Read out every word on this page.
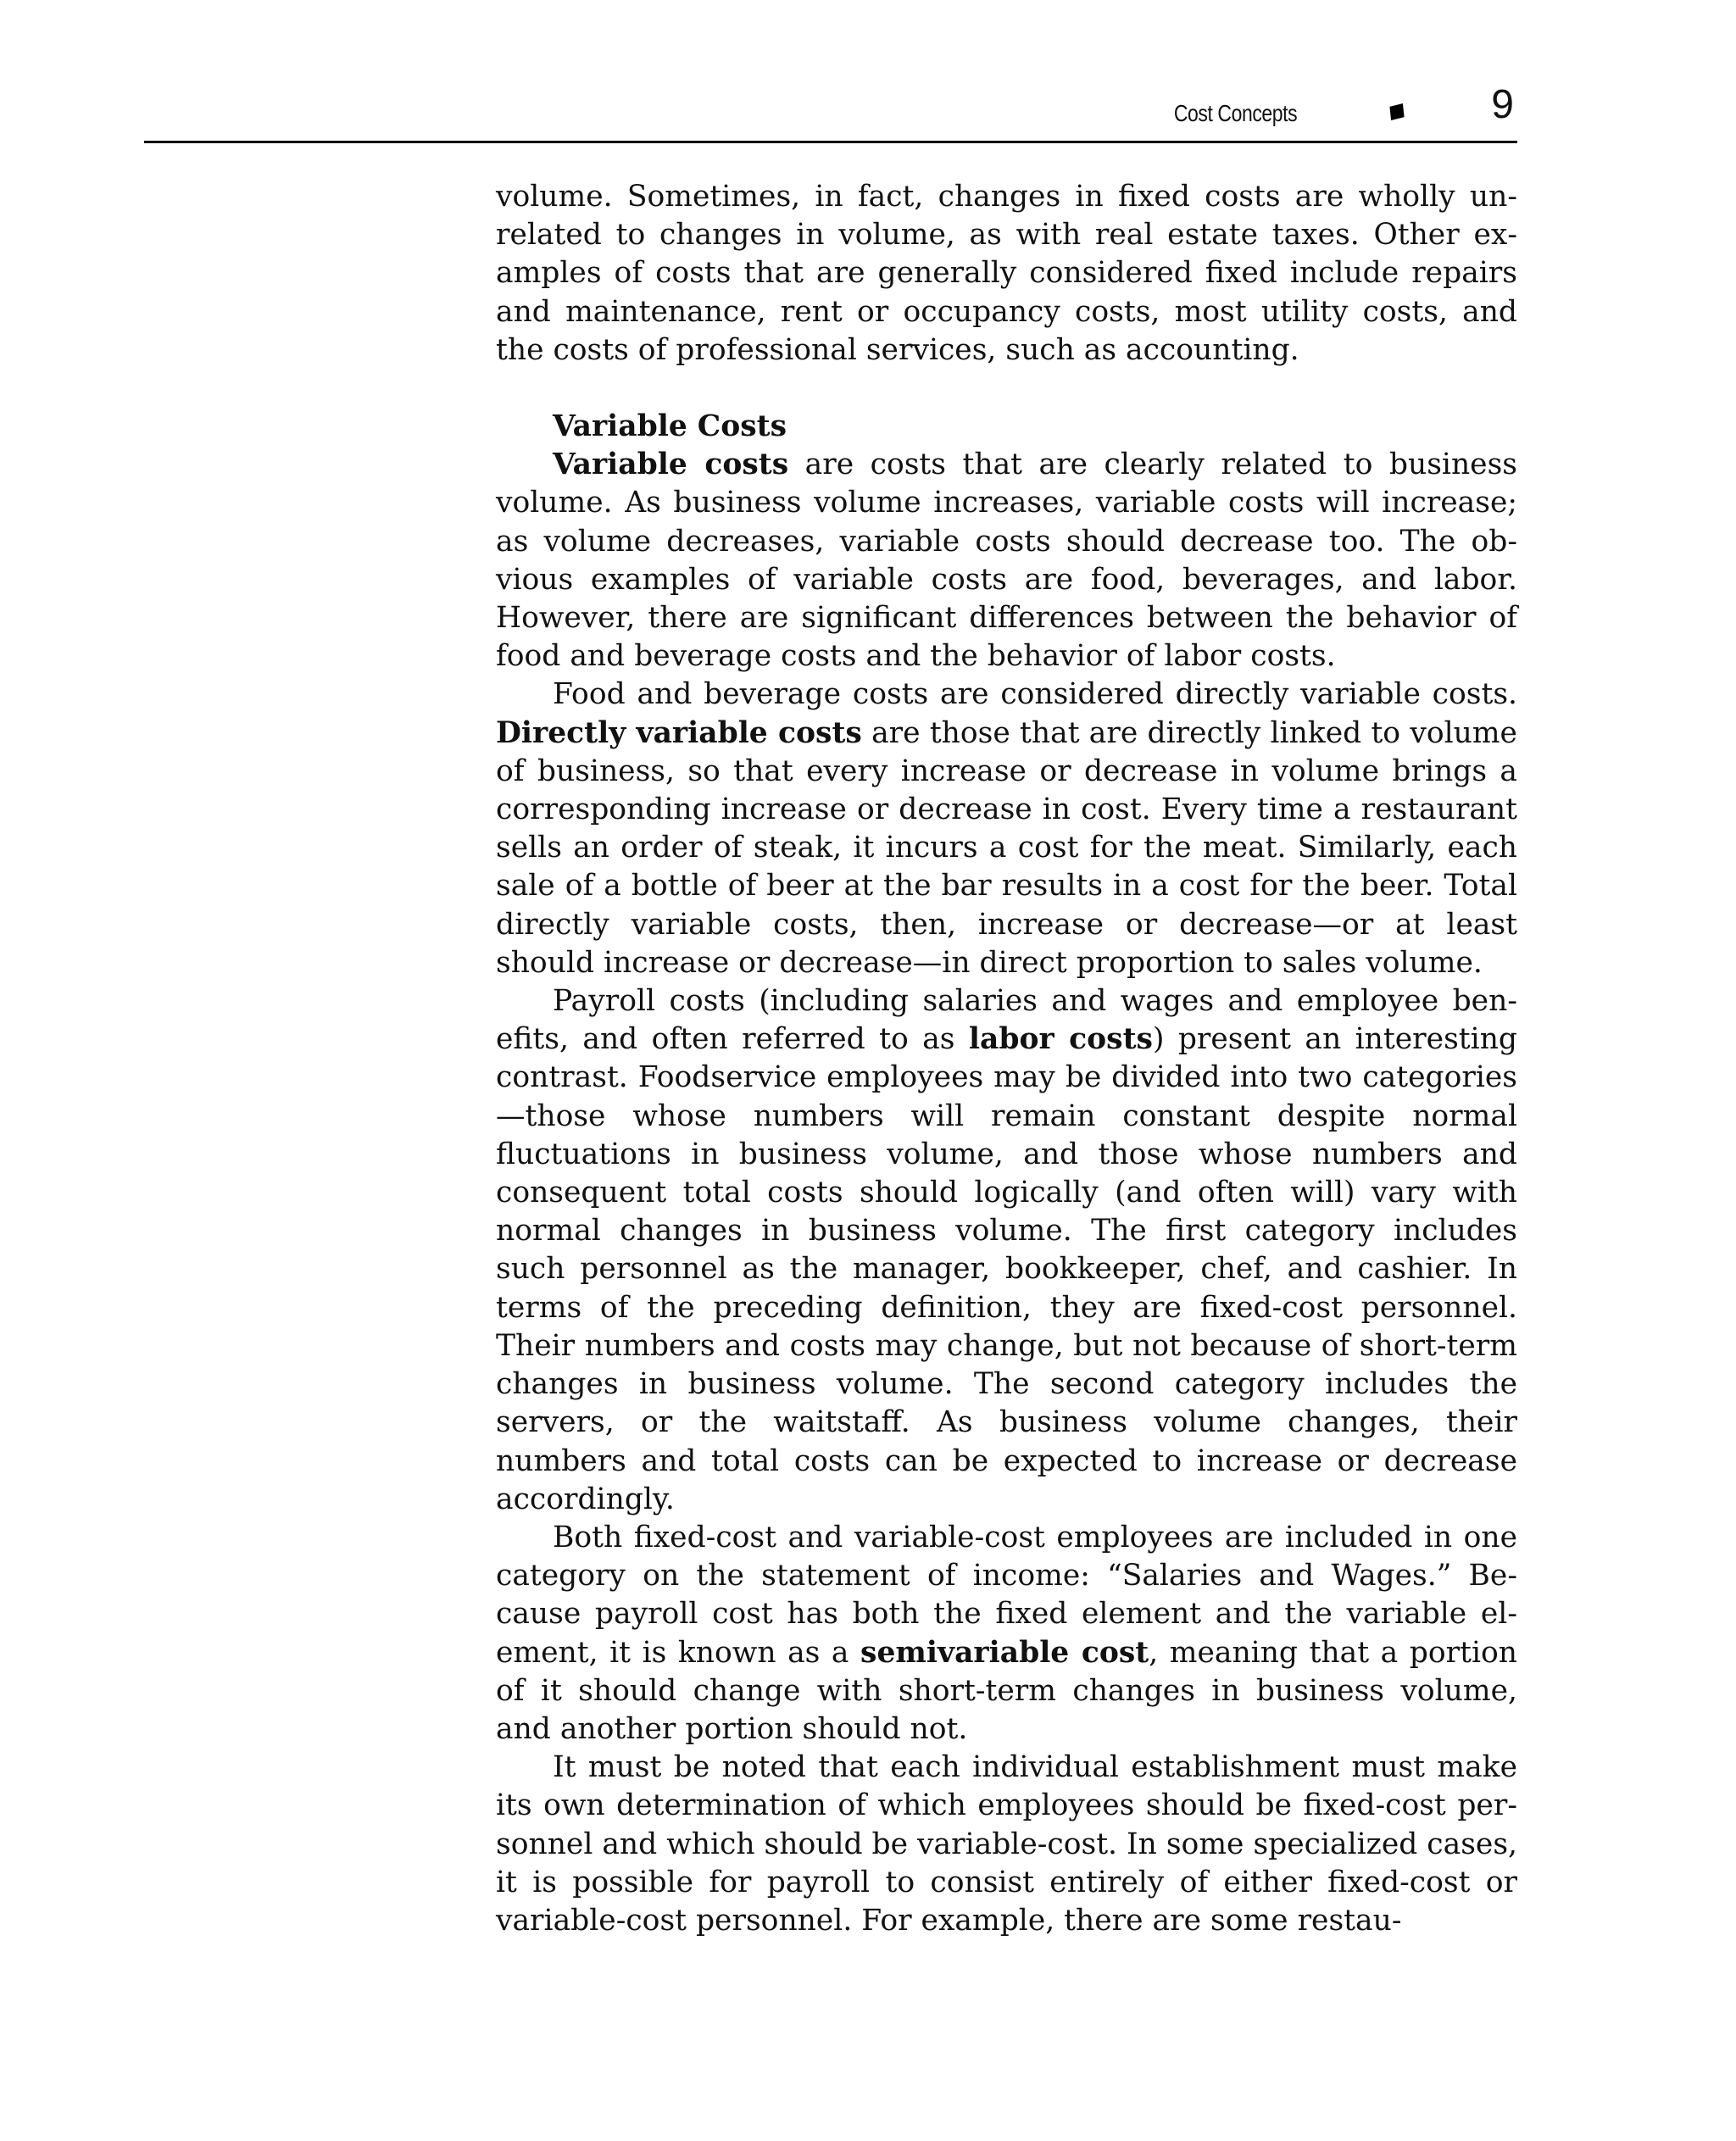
Cost Concepts	9

volume. Sometimes, in fact, changes in fixed costs are wholly unrelated to changes in volume, as with real estate taxes. Other examples of costs that are generally considered fixed include repairs and maintenance, rent or occupancy costs, most utility costs, and the costs of professional services, such as accounting.

Variable Costs

Variable costs are costs that are clearly related to business volume. As business volume increases, variable costs will increase; as volume decreases, variable costs should decrease too. The obvious examples of variable costs are food, beverages, and labor. However, there are significant differences between the behavior of food and beverage costs and the behavior of labor costs.

Food and beverage costs are considered directly variable costs. Directly variable costs are those that are directly linked to volume of business, so that every increase or decrease in volume brings a corresponding increase or decrease in cost. Every time a restaurant sells an order of steak, it incurs a cost for the meat. Similarly, each sale of a bottle of beer at the bar results in a cost for the beer. Total directly variable costs, then, increase or decrease—or at least should increase or decrease—in direct proportion to sales volume.

Payroll costs (including salaries and wages and employee benefits, and often referred to as labor costs) present an interesting contrast. Foodservice employees may be divided into two categories—those whose numbers will remain constant despite normal fluctuations in business volume, and those whose numbers and consequent total costs should logically (and often will) vary with normal changes in business volume. The first category includes such personnel as the manager, bookkeeper, chef, and cashier. In terms of the preceding definition, they are fixed-cost personnel. Their numbers and costs may change, but not because of short-term changes in business volume. The second category includes the servers, or the waitstaff. As business volume changes, their numbers and total costs can be expected to increase or decrease accordingly.

Both fixed-cost and variable-cost employees are included in one category on the statement of income: “Salaries and Wages.” Because payroll cost has both the fixed element and the variable element, it is known as a semivariable cost, meaning that a portion of it should change with short-term changes in business volume, and another portion should not.

It must be noted that each individual establishment must make its own determination of which employees should be fixed-cost personnel and which should be variable-cost. In some specialized cases, it is possible for payroll to consist entirely of either fixed-cost or variable-cost personnel. For example, there are some restau-
